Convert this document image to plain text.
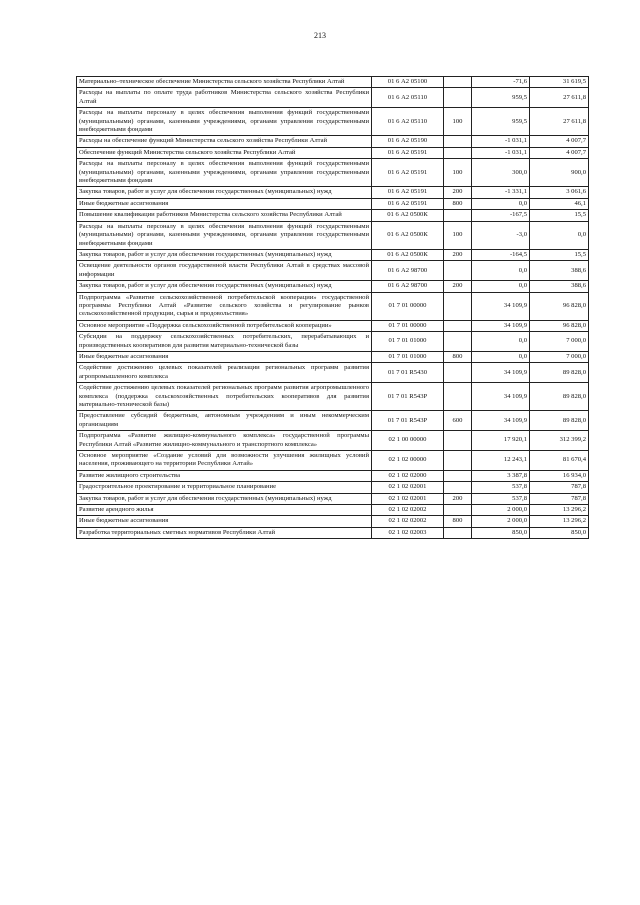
213
Материально–техническое обеспечение Министерства сельского хозяйства Республики Алтай	01 6 А2 05100		-71,6	31 619,5
Расходы на выплаты по оплате труда работников Министерства сельского хозяйства Республики Алтай	01 6 А2 05110		959,5	27 611,8
Расходы на выплаты персоналу в целях обеспечения выполнения функций государственными (муниципальными) органами, казенными учреждениями, органами управления государственными внебюджетными фондами	01 6 А2 05110	100	959,5	27 611,8
Расходы на обеспечение функций Министерства сельского хозяйства Республики Алтай	01 6 А2 05190		-1 031,1	4 007,7
Обеспечение функций Министерства сельского хозяйства Республики Алтай	01 6 А2 05191		-1 031,1	4 007,7
Расходы на выплаты персоналу в целях обеспечения выполнения функций государственными (муниципальными) органами, казенными учреждениями, органами управления государственными внебюджетными фондами	01 6 А2 05191	100	300,0	900,0
Закупка товаров, работ и услуг для обеспечения государственных (муниципальных) нужд	01 6 А2 05191	200	-1 331,1	3 061,6
Иные бюджетные ассигнования	01 6 А2 05191	800	0,0	46,1
Повышение квалификации работников Министерства сельского хозяйства Республики Алтай	01 6 А2 0500К		-167,5	15,5
Расходы на выплаты персоналу в целях обеспечения выполнения функций государственными (муниципальными) органами, казенными учреждениями, органами управления государственными внебюджетными фондами	01 6 А2 0500К	100	-3,0	0,0
Закупка товаров, работ и услуг для обеспечения государственных (муниципальных) нужд	01 6 А2 0500К	200	-164,5	15,5
Освещение деятельности органов государственной власти Республики Алтай в средствах массовой информации	01 6 А2 98700		0,0	388,6
Закупка товаров, работ и услуг для обеспечения государственных (муниципальных) нужд	01 6 А2 98700	200	0,0	388,6
Подпрограмма «Развитие сельскохозяйственной потребительской кооперации» государственной программы Республики Алтай «Развитие сельского хозяйства и регулирование рынков сельскохозяйственной продукции, сырья и продовольствия»	01 7 01 00000		34 109,9	96 828,0
Основное мероприятие «Поддержка сельскохозяйственной потребительской кооперации»	01 7 01 00000		34 109,9	96 828,0
Субсидии на поддержку сельскохозяйственных потребительских, перерабатывающих и производственных кооперативов для развития материально-технической базы	01 7 01 01000		0,0	7 000,0
Иные бюджетные ассигнования	01 7 01 01000	800	0,0	7 000,0
Содействие достижению целевых показателей реализации региональных программ развития агропромышленного комплекса	01 7 01 R5430		34 109,9	89 828,0
Содействие достижению целевых показателей региональных программ развития агропромышленного комплекса (поддержка сельскохозяйственных потребительских кооперативов для развития материально-технической базы)	01 7 01 R543P		34 109,9	89 828,0
Предоставление субсидий бюджетным, автономным учреждениям и иным некоммерческим организациям	01 7 01 R543P	600	34 109,9	89 828,0
Подпрограмма «Развитие жилищно-коммунального комплекса» государственной программы Республики Алтай «Развитие жилищно-коммунального и транспортного комплекса»	02 1 00 00000		17 920,1	312 399,2
Основное мероприятие «Создание условий для возможности улучшения жилищных условий населения, проживающего на территории Республики Алтай»	02 1 02 00000		12 243,1	81 670,4
Развитие жилищного строительства	02 1 02 02000		3 387,8	16 934,0
Градостроительное проектирование и территориальное планирование	02 1 02 02001		537,8	787,8
Закупка товаров, работ и услуг для обеспечения государственных (муниципальных) нужд	02 1 02 02001	200	537,8	787,8
Развитие арендного жилья	02 1 02 02002		2 000,0	13 296,2
Иные бюджетные ассигнования	02 1 02 02002	800	2 000,0	13 296,2
Разработка территориальных сметных нормативов Республики Алтай	02 1 02 02003		850,0	850,0
